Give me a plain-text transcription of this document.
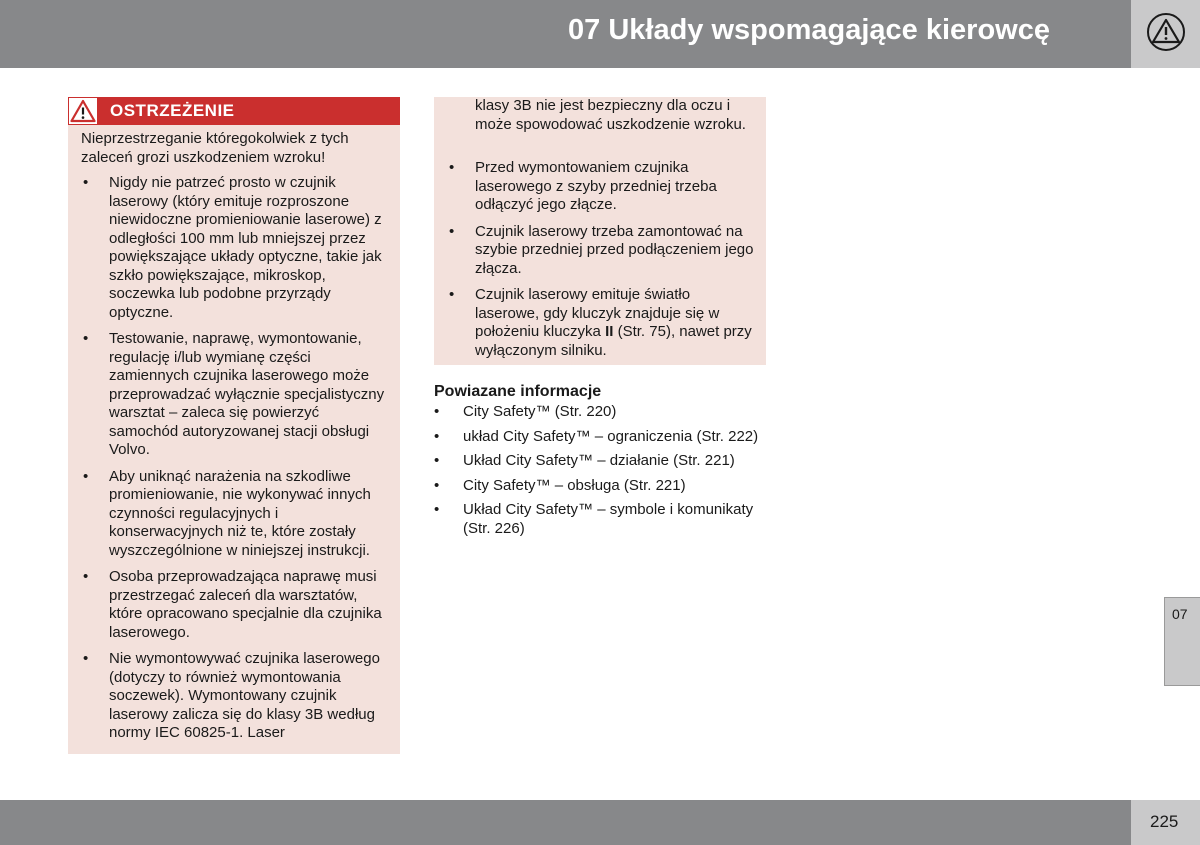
07 Układy wspomagające kierowcę
OSTRZEŻENIE

Nieprzestrzeganie któregokolwiek z tych zaleceń grozi uszkodzeniem wzroku!

•	Nigdy nie patrzeć prosto w czujnik laserowy (który emituje rozproszone niewidoczne promieniowanie laserowe) z odległości 100 mm lub mniejszej przez powiększające układy optyczne, takie jak szkło powiększające, mikroskop, soczewka lub podobne przyrządy optyczne.
•	Testowanie, naprawę, wymontowanie, regulację i/lub wymianę części zamiennych czujnika laserowego może przeprowadzać wyłącznie specjalistyczny warsztat – zaleca się powierzyć samochód autoryzowanej stacji obsługi Volvo.
•	Aby uniknąć narażenia na szkodliwe promieniowanie, nie wykonywać innych czynności regulacyjnych i konserwacyjnych niż te, które zostały wyszczególnione w niniejszej instrukcji.
•	Osoba przeprowadzająca naprawę musi przestrzegać zaleceń dla warsztatów, które opracowano specjalnie dla czujnika laserowego.
•	Nie wymontowywać czujnika laserowego (dotyczy to również wymontowania soczewek). Wymontowany czujnik laserowy zalicza się do klasy 3B według normy IEC 60825-1. Laser

klasy 3B nie jest bezpieczny dla oczu i może spowodować uszkodzenie wzroku.

•	Przed wymontowaniem czujnika laserowego z szyby przedniej trzeba odłączyć jego złącze.
•	Czujnik laserowy trzeba zamontować na szybie przedniej przed podłączeniem jego złącza.
•	Czujnik laserowy emituje światło laserowe, gdy kluczyk znajduje się w położeniu kluczyka II (Str. 75), nawet przy wyłączonym silniku.
Powiazane informacje
•	City Safety™ (Str. 220)
•	układ City Safety™ – ograniczenia (Str. 222)
•	Układ City Safety™ – działanie (Str. 221)
•	City Safety™ – obsługa (Str. 221)
•	Układ City Safety™ – symbole i komunikaty (Str. 226)
07
225
